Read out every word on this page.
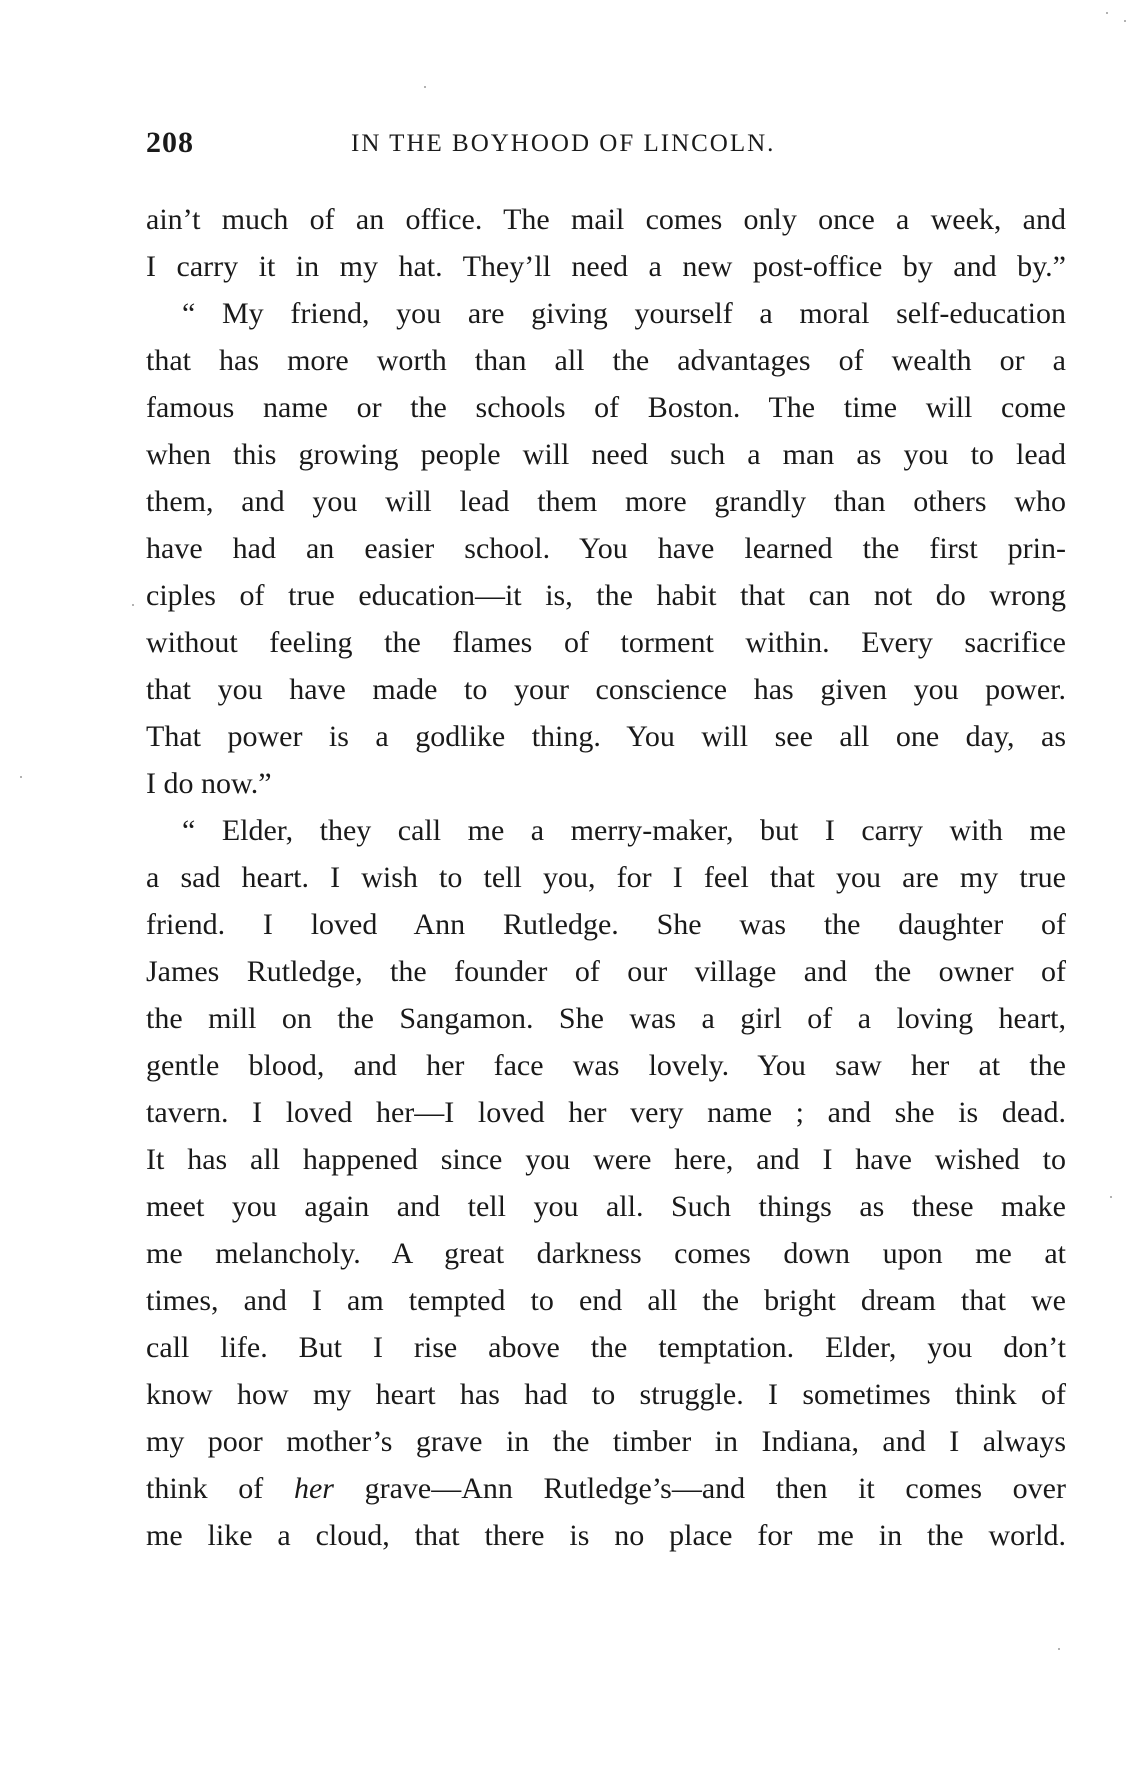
208	IN THE BOYHOOD OF LINCOLN.
ain’t much of an office. The mail comes only once a week, and
I carry it in my hat. They’ll need a new post-office by and by.”
“ My friend, you are giving yourself a moral self-education
that has more worth than all the advantages of wealth or a
famous name or the schools of Boston. The time will come
when this growing people will need such a man as you to lead
them, and you will lead them more grandly than others who
have had an easier school. You have learned the first prin-
ciples of true education—it is, the habit that can not do wrong
without feeling the flames of torment within. Every sacrifice
that you have made to your conscience has given you power.
That power is a godlike thing. You will see all one day, as
I do now.”
“ Elder, they call me a merry-maker, but I carry with me
a sad heart. I wish to tell you, for I feel that you are my true
friend. I loved Ann Rutledge. She was the daughter of
James Rutledge, the founder of our village and the owner of
the mill on the Sangamon. She was a girl of a loving heart,
gentle blood, and her face was lovely. You saw her at the
tavern. I loved her—I loved her very name ; and she is dead.
It has all happened since you were here, and I have wished to
meet you again and tell you all. Such things as these make
me melancholy. A great darkness comes down upon me at
times, and I am tempted to end all the bright dream that we
call life. But I rise above the temptation. Elder, you don’t
know how my heart has had to struggle. I sometimes think of
my poor mother’s grave in the timber in Indiana, and I always
think of her grave—Ann Rutledge’s—and then it comes over
me like a cloud, that there is no place for me in the world.
